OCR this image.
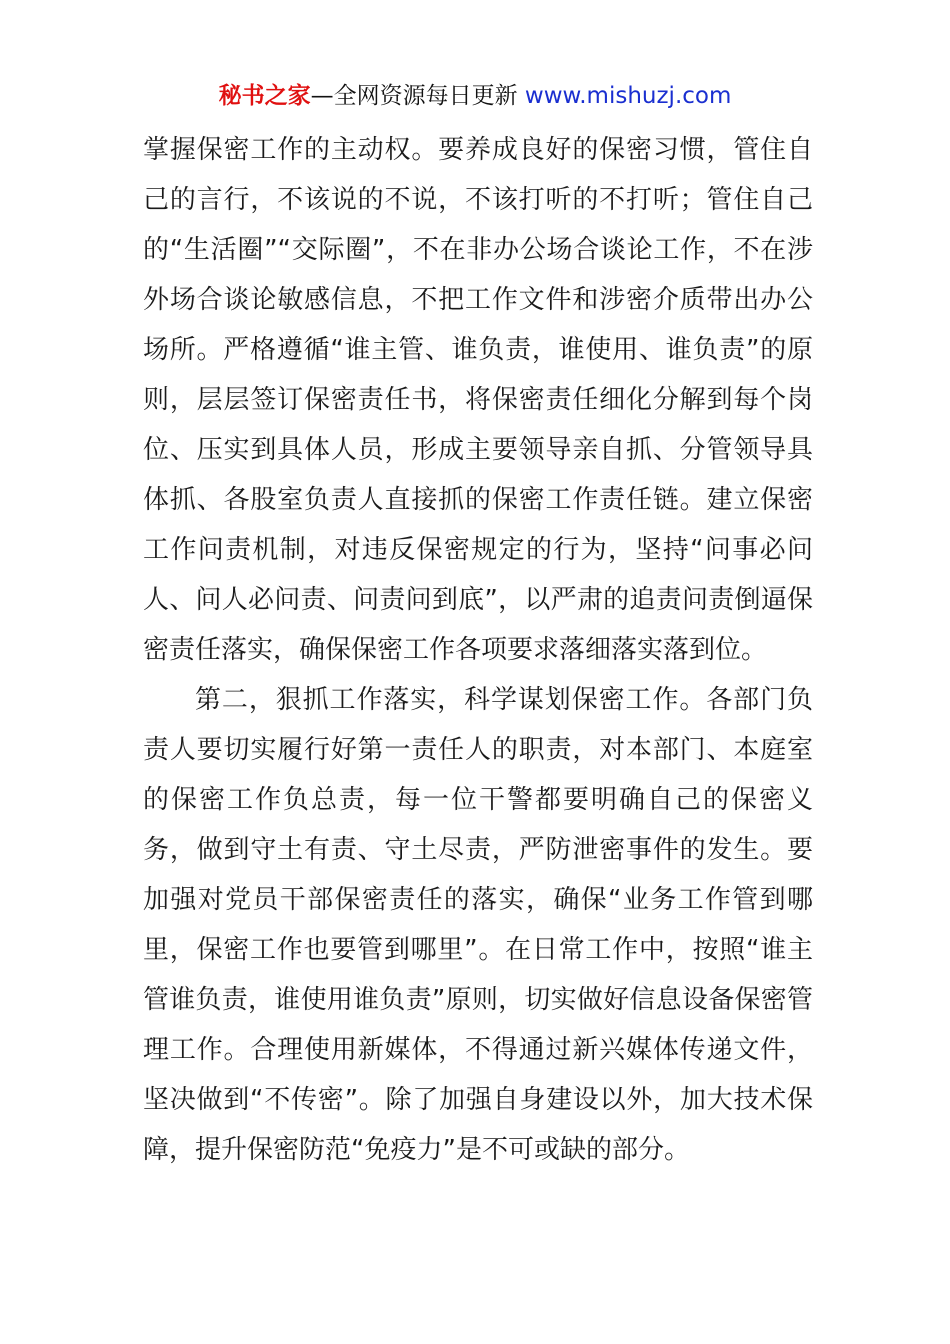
秘书之家—全网资源每日更新 www.mishuzj.com

掌握保密工作的主动权。要养成良好的保密习惯，管住自己的言行，不该说的不说，不该打听的不打听；管住自己的“生活圈”“交际圈”，不在非办公场合谈论工作，不在涉外场合谈论敏感信息，不把工作文件和涉密介质带出办公场所。严格遵循“谁主管、谁负责，谁使用、谁负责”的原则，层层签订保密责任书，将保密责任细化分解到每个岗位、压实到具体人员，形成主要领导亲自抓、分管领导具体抓、各股室负责人直接抓的保密工作责任链。建立保密工作问责机制，对违反保密规定的行为，坚持“问事必问人、问人必问责、问责问到底”，以严肃的追责问责倒逼保密责任落实，确保保密工作各项要求落细落实落到位。

第二，狠抓工作落实，科学谋划保密工作。各部门负责人要切实履行好第一责任人的职责，对本部门、本庭室的保密工作负总责，每一位干警都要明确自己的保密义务，做到守土有责、守土尽责，严防泄密事件的发生。要加强对党员干部保密责任的落实，确保“业务工作管到哪里，保密工作也要管到哪里”。在日常工作中，按照“谁主管谁负责，谁使用谁负责”原则，切实做好信息设备保密管理工作。合理使用新媒体，不得通过新兴媒体传递文件，坚决做到“不传密”。除了加强自身建设以外，加大技术保障，提升保密防范“免疫力”是不可或缺的部分。
